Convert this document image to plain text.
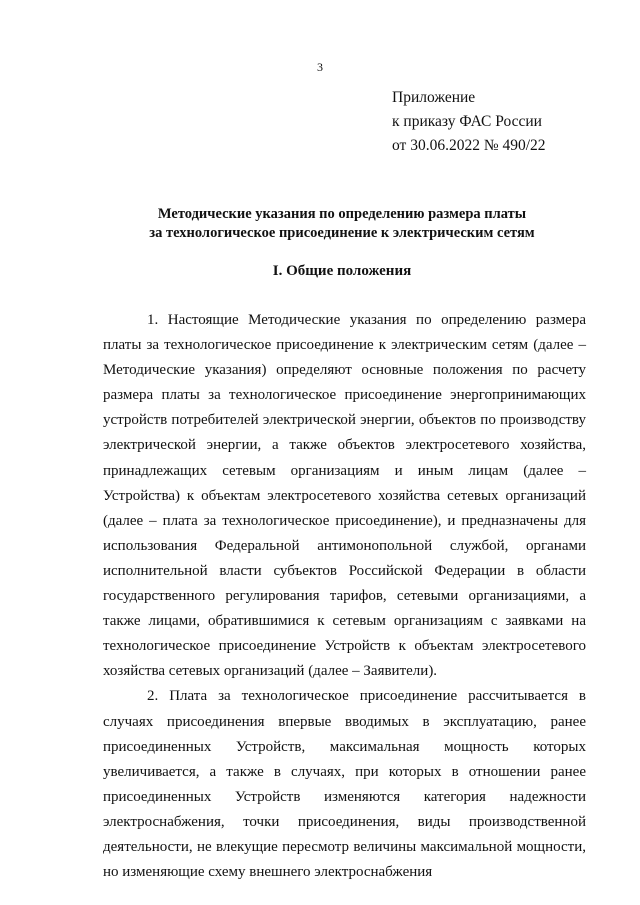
3
Приложение
к приказу ФАС России
от 30.06.2022 № 490/22
Методические указания по определению размера платы
за технологическое присоединение к электрическим сетям
I. Общие положения

1. Настоящие Методические указания по определению размера платы за технологическое присоединение к электрическим сетям (далее – Методические указания) определяют основные положения по расчету размера платы за технологическое присоединение энергопринимающих устройств потребителей электрической энергии, объектов по производству электрической энергии, а также объектов электросетевого хозяйства, принадлежащих сетевым организациям и иным лицам (далее – Устройства) к объектам электросетевого хозяйства сетевых организаций (далее – плата за технологическое присоединение), и предназначены для использования Федеральной антимонопольной службой, органами исполнительной власти субъектов Российской Федерации в области государственного регулирования тарифов, сетевыми организациями, а также лицами, обратившимися к сетевым организациям с заявками на технологическое присоединение Устройств к объектам электросетевого хозяйства сетевых организаций (далее – Заявители).

2. Плата за технологическое присоединение рассчитывается в случаях присоединения впервые вводимых в эксплуатацию, ранее присоединенных Устройств, максимальная мощность которых увеличивается, а также в случаях, при которых в отношении ранее присоединенных Устройств изменяются категория надежности электроснабжения, точки присоединения, виды производственной деятельности, не влекущие пересмотр величины максимальной мощности, но изменяющие схему внешнего электроснабжения
